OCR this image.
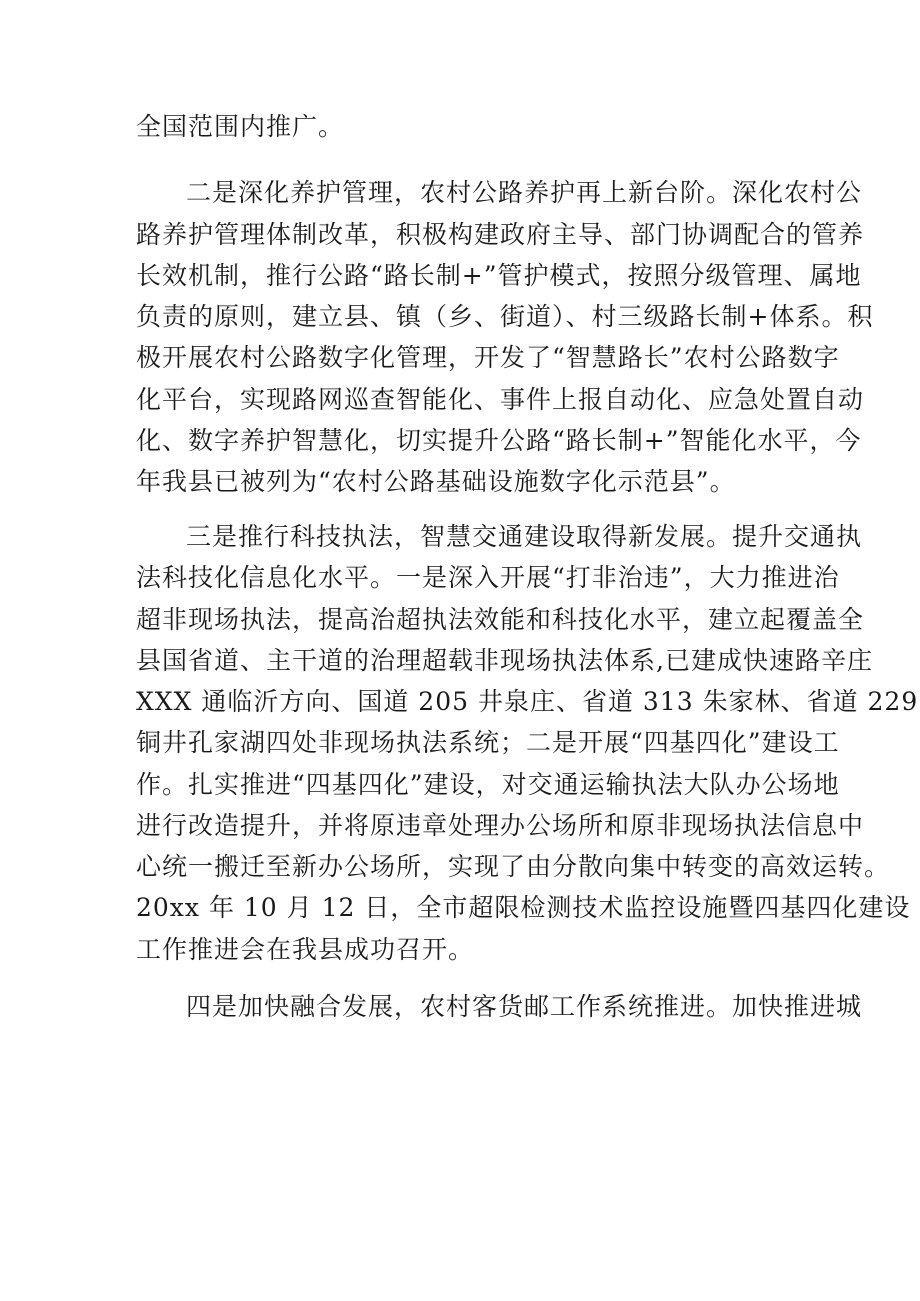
全国范围内推广。
二是深化养护管理，农村公路养护再上新台阶。深化农村公
路养护管理体制改革，积极构建政府主导、部门协调配合的管养
长效机制，推行公路“路长制+”管护模式，按照分级管理、属地
负责的原则，建立县、镇（乡、街道）、村三级路长制+体系。积
极开展农村公路数字化管理，开发了“智慧路长”农村公路数字
化平台，实现路网巡查智能化、事件上报自动化、应急处置自动
化、数字养护智慧化，切实提升公路“路长制+”智能化水平，今
年我县已被列为“农村公路基础设施数字化示范县”。
三是推行科技执法，智慧交通建设取得新发展。提升交通执
法科技化信息化水平。一是深入开展“打非治违”，大力推进治
超非现场执法，提高治超执法效能和科技化水平，建立起覆盖全
县国省道、主干道的治理超载非现场执法体系,已建成快速路辛庄
XXX 通临沂方向、国道 205 井泉庄、省道 313 朱家林、省道 229
铜井孔家湖四处非现场执法系统；二是开展“四基四化”建设工
作。扎实推进“四基四化”建设，对交通运输执法大队办公场地
进行改造提升，并将原违章处理办公场所和原非现场执法信息中
心统一搬迁至新办公场所，实现了由分散向集中转变的高效运转。
20xx 年 10 月 12 日，全市超限检测技术监控设施暨四基四化建设
工作推进会在我县成功召开。
四是加快融合发展，农村客货邮工作系统推进。加快推进城
